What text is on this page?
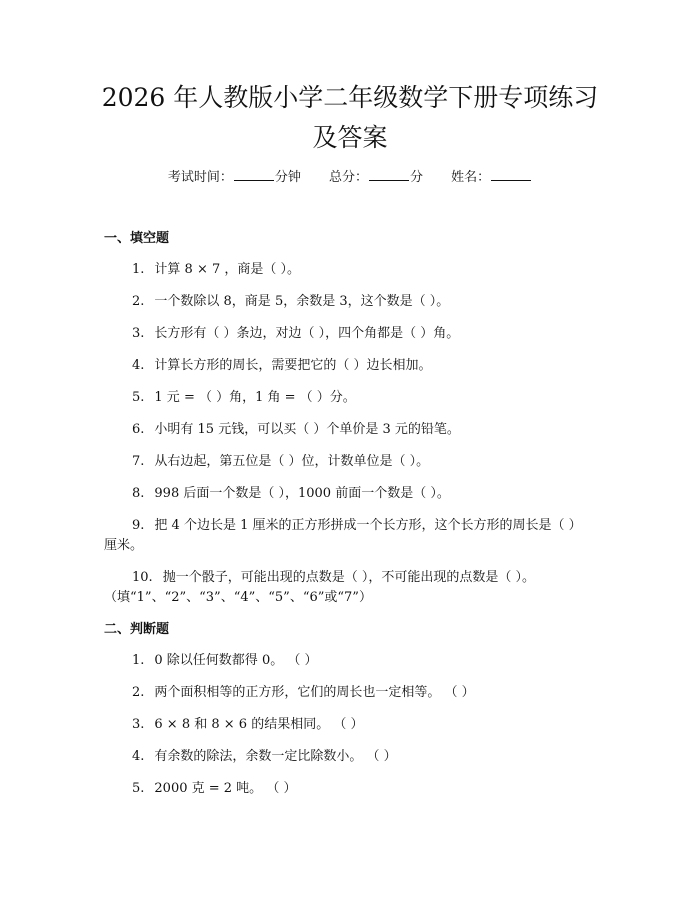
2026 年人教版小学二年级数学下册专项练习
及答案
考试时间：	分钟 总分：	分 姓名：
一、填空题
1. 计算 8 × 7 ，商是（ ）。
2. 一个数除以 8，商是 5，余数是 3，这个数是（ ）。
3. 长方形有（ ）条边，对边（ ），四个角都是（ ）角。
4. 计算长方形的周长，需要把它的（ ）边长相加。
5. 1 元 = （ ）角，1 角 = （ ）分。
6. 小明有 15 元钱，可以买（ ）个单价是 3 元的铅笔。
7. 从右边起，第五位是（ ）位，计数单位是（ ）。
8. 998 后面一个数是（ ），1000 前面一个数是（ ）。
9. 把 4 个边长是 1 厘米的正方形拼成一个长方形，这个长方形的周长是（ ）厘米。
10. 抛一个骰子，可能出现的点数是（ ），不可能出现的点数是（ ）。（填“1”、“2”、“3”、“4”、“5”、“6”或“7”）
二、判断题
1. 0 除以任何数都得 0。 （ ）
2. 两个面积相等的正方形，它们的周长也一定相等。 （ ）
3. 6 × 8 和 8 × 6 的结果相同。 （ ）
4. 有余数的除法，余数一定比除数小。 （ ）
5. 2000 克 = 2 吨。 （ ）
